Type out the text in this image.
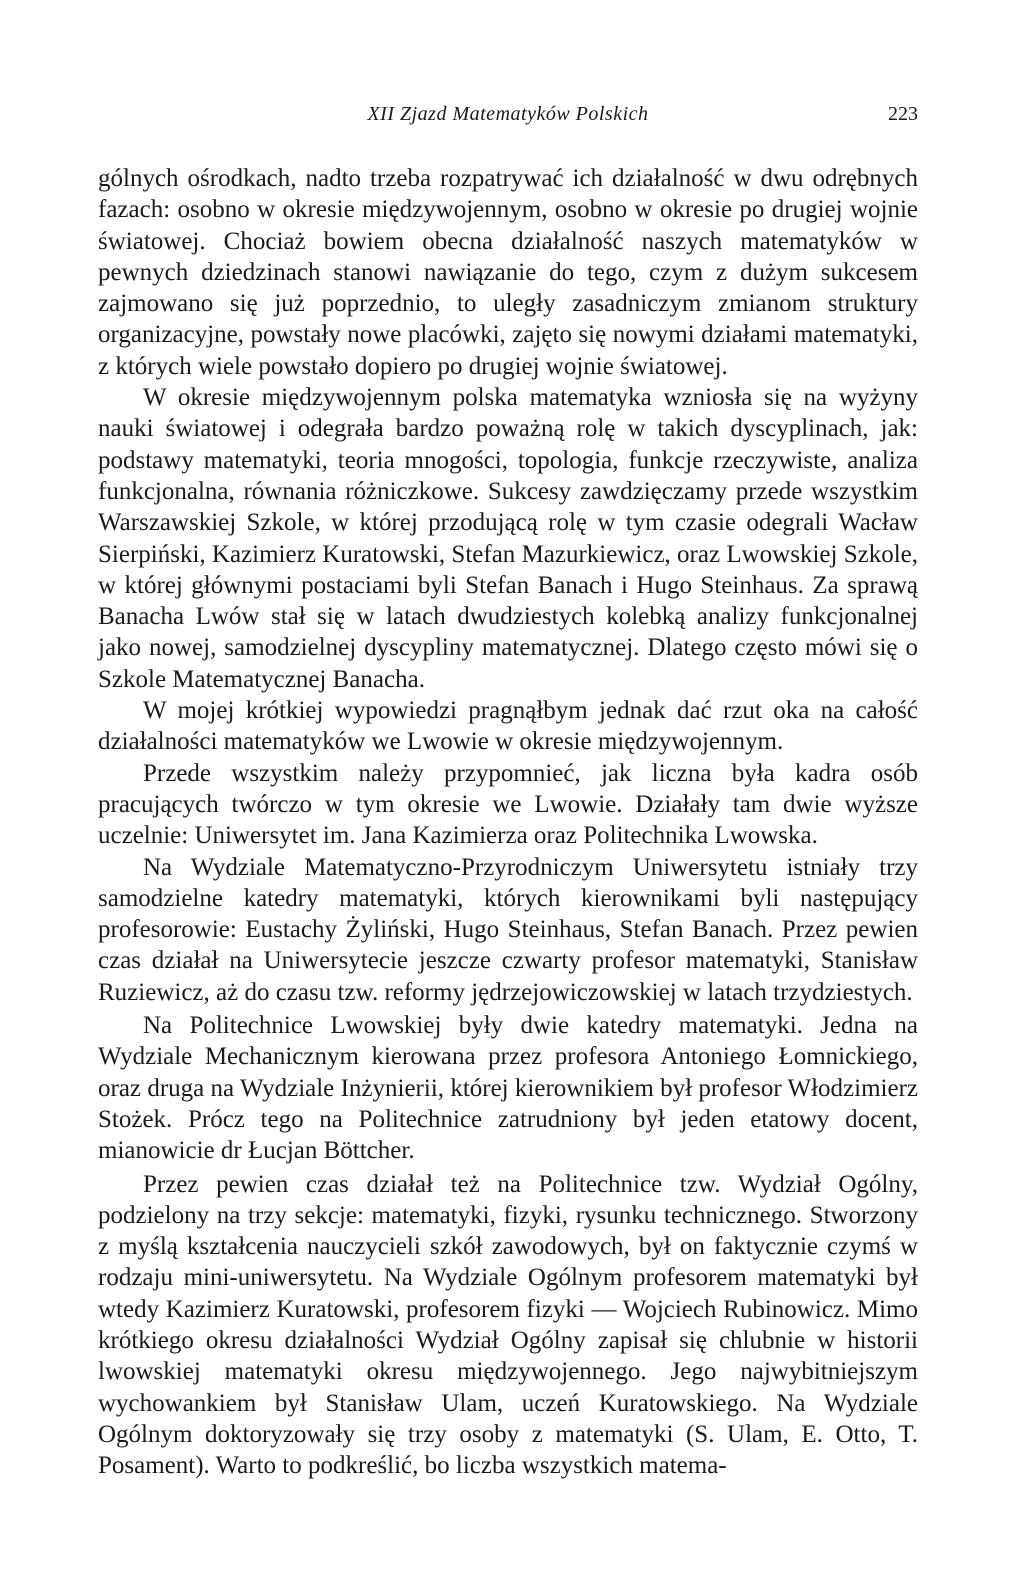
XII Zjazd Matematyków Polskich	223

gólnych ośrodkach, nadto trzeba rozpatrywać ich działalność w dwu odrębnych fazach: osobno w okresie międzywojennym, osobno w okresie po drugiej wojnie światowej. Chociaż bowiem obecna działalność naszych matematyków w pewnych dziedzinach stanowi nawiązanie do tego, czym z dużym sukcesem zajmowano się już poprzednio, to uległy zasadniczym zmianom struktury organizacyjne, powstały nowe placówki, zajęto się nowymi działami matematyki, z których wiele powstało dopiero po drugiej wojnie światowej.

W okresie międzywojennym polska matematyka wzniosła się na wyżyny nauki światowej i odegrała bardzo poważną rolę w takich dyscyplinach, jak: podstawy matematyki, teoria mnogości, topologia, funkcje rzeczywiste, analiza funkcjonalna, równania różniczkowe. Sukcesy zawdzięczamy przede wszystkim Warszawskiej Szkole, w której przodującą rolę w tym czasie odegrali Wacław Sierpiński, Kazimierz Kuratowski, Stefan Mazurkiewicz, oraz Lwowskiej Szkole, w której głównymi postaciami byli Stefan Banach i Hugo Steinhaus. Za sprawą Banacha Lwów stał się w latach dwudziestych kolebką analizy funkcjonalnej jako nowej, samodzielnej dyscypliny matematycznej. Dlatego często mówi się o Szkole Matematycznej Banacha.

W mojej krótkiej wypowiedzi pragnąłbym jednak dać rzut oka na całość działalności matematyków we Lwowie w okresie międzywojennym.

Przede wszystkim należy przypomnieć, jak liczna była kadra osób pracujących twórczo w tym okresie we Lwowie. Działały tam dwie wyższe uczelnie: Uniwersytet im. Jana Kazimierza oraz Politechnika Lwowska.

Na Wydziale Matematyczno-Przyrodniczym Uniwersytetu istniały trzy samodzielne katedry matematyki, których kierownikami byli następujący profesorowie: Eustachy Żyliński, Hugo Steinhaus, Stefan Banach. Przez pewien czas działał na Uniwersytecie jeszcze czwarty profesor matematyki, Stanisław Ruziewicz, aż do czasu tzw. reformy jędrzejowiczowskiej w latach trzydziestych.

Na Politechnice Lwowskiej były dwie katedry matematyki. Jedna na Wydziale Mechanicznym kierowana przez profesora Antoniego Łomnickiego, oraz druga na Wydziale Inżynierii, której kierownikiem był profesor Włodzimierz Stożek. Prócz tego na Politechnice zatrudniony był jeden etatowy docent, mianowicie dr Łucjan Böttcher.

Przez pewien czas działał też na Politechnice tzw. Wydział Ogólny, podzielony na trzy sekcje: matematyki, fizyki, rysunku technicznego. Stworzony z myślą kształcenia nauczycieli szkół zawodowych, był on faktycznie czymś w rodzaju mini-uniwersytetu. Na Wydziale Ogólnym profesorem matematyki był wtedy Kazimierz Kuratowski, profesorem fizyki — Wojciech Rubinowicz. Mimo krótkiego okresu działalności Wydział Ogólny zapisał się chlubnie w historii lwowskiej matematyki okresu międzywojennego. Jego najwybitniejszym wychowankiem był Stanisław Ulam, uczeń Kuratowskiego. Na Wydziale Ogólnym doktoryzowały się trzy osoby z matematyki (S. Ulam, E. Otto, T. Posament). Warto to podkreślić, bo liczba wszystkich matema-
